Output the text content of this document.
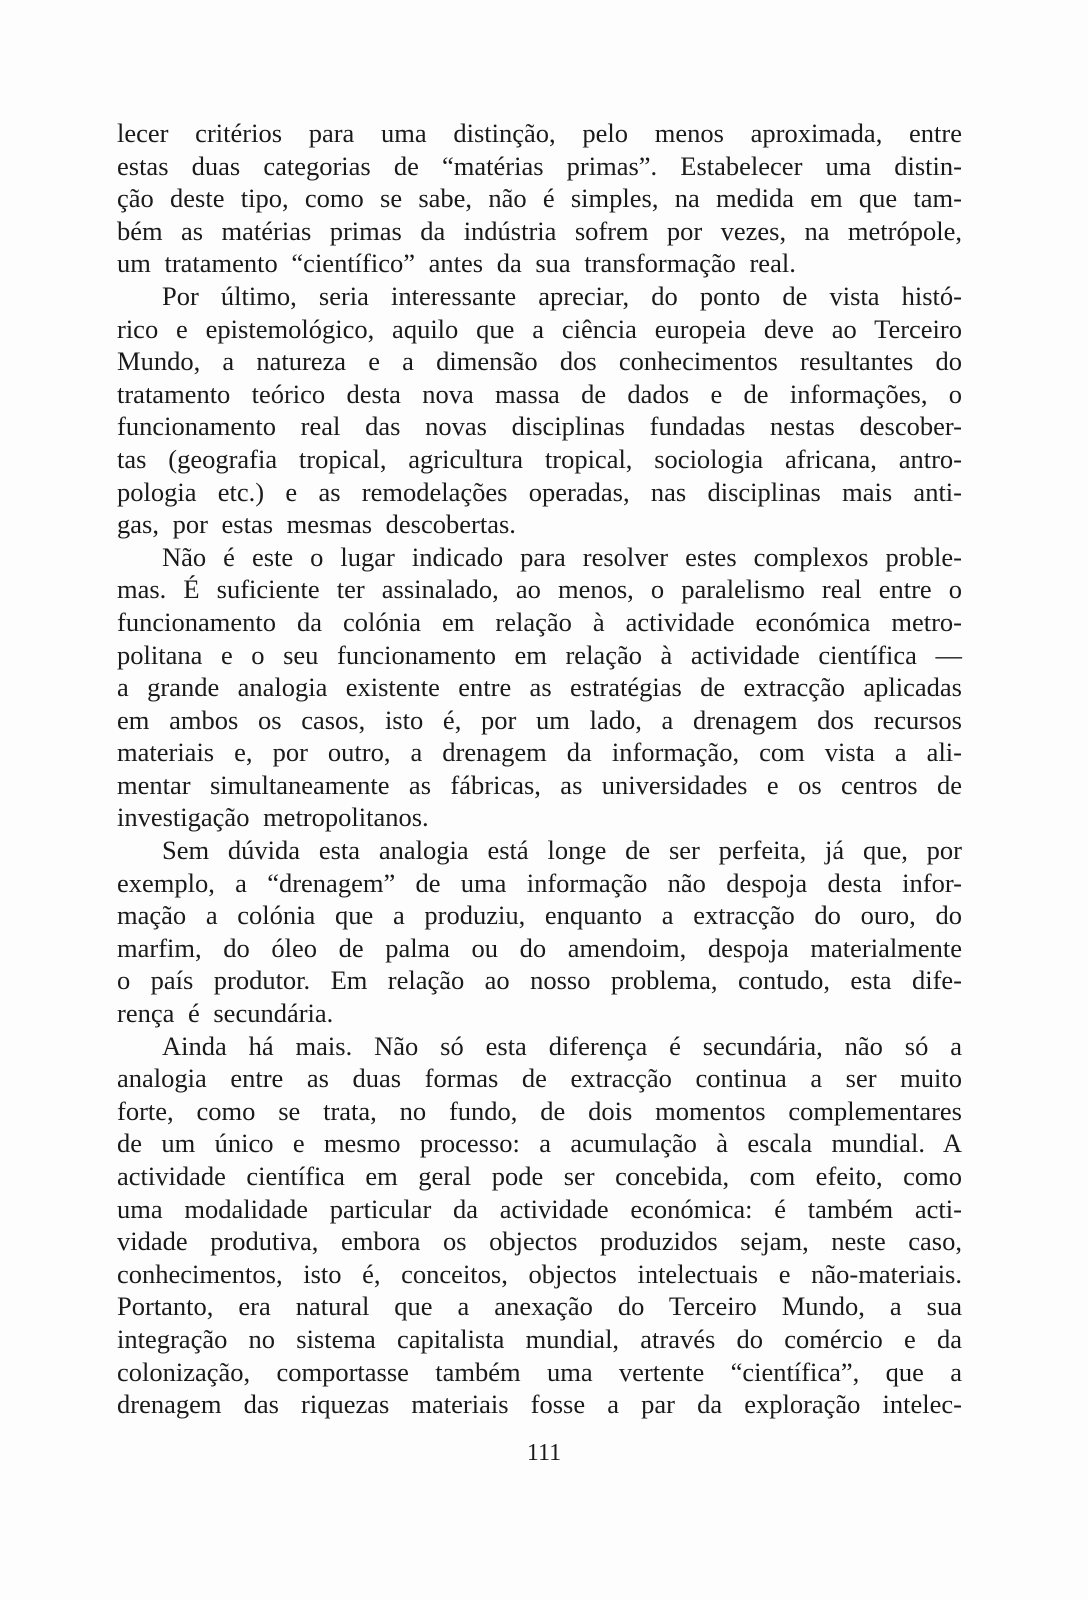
lecer critérios para uma distinção, pelo menos aproximada, entre
estas duas categorias de “matérias primas”. Estabelecer uma distin-
ção deste tipo, como se sabe, não é simples, na medida em que tam-
bém as matérias primas da indústria sofrem por vezes, na metrópole,
um tratamento “científico” antes da sua transformação real.
Por último, seria interessante apreciar, do ponto de vista histó-
rico e epistemológico, aquilo que a ciência europeia deve ao Terceiro
Mundo, a natureza e a dimensão dos conhecimentos resultantes do
tratamento teórico desta nova massa de dados e de informações, o
funcionamento real das novas disciplinas fundadas nestas descober-
tas (geografia tropical, agricultura tropical, sociologia africana, antro-
pologia etc.) e as remodelações operadas, nas disciplinas mais anti-
gas, por estas mesmas descobertas.
Não é este o lugar indicado para resolver estes complexos proble-
mas. É suficiente ter assinalado, ao menos, o paralelismo real entre o
funcionamento da colónia em relação à actividade económica metro-
politana e o seu funcionamento em relação à actividade científica —
a grande analogia existente entre as estratégias de extracção aplicadas
em ambos os casos, isto é, por um lado, a drenagem dos recursos
materiais e, por outro, a drenagem da informação, com vista a ali-
mentar simultaneamente as fábricas, as universidades e os centros de
investigação metropolitanos.
Sem dúvida esta analogia está longe de ser perfeita, já que, por
exemplo, a “drenagem” de uma informação não despoja desta infor-
mação a colónia que a produziu, enquanto a extracção do ouro, do
marfim, do óleo de palma ou do amendoim, despoja materialmente
o país produtor. Em relação ao nosso problema, contudo, esta dife-
rença é secundária.
Ainda há mais. Não só esta diferença é secundária, não só a
analogia entre as duas formas de extracção continua a ser muito
forte, como se trata, no fundo, de dois momentos complementares
de um único e mesmo processo: a acumulação à escala mundial. A
actividade científica em geral pode ser concebida, com efeito, como
uma modalidade particular da actividade económica: é também acti-
vidade produtiva, embora os objectos produzidos sejam, neste caso,
conhecimentos, isto é, conceitos, objectos intelectuais e não-materiais.
Portanto, era natural que a anexação do Terceiro Mundo, a sua
integração no sistema capitalista mundial, através do comércio e da
colonização, comportasse também uma vertente “científica”, que a
drenagem das riquezas materiais fosse a par da exploração intelec-
111
